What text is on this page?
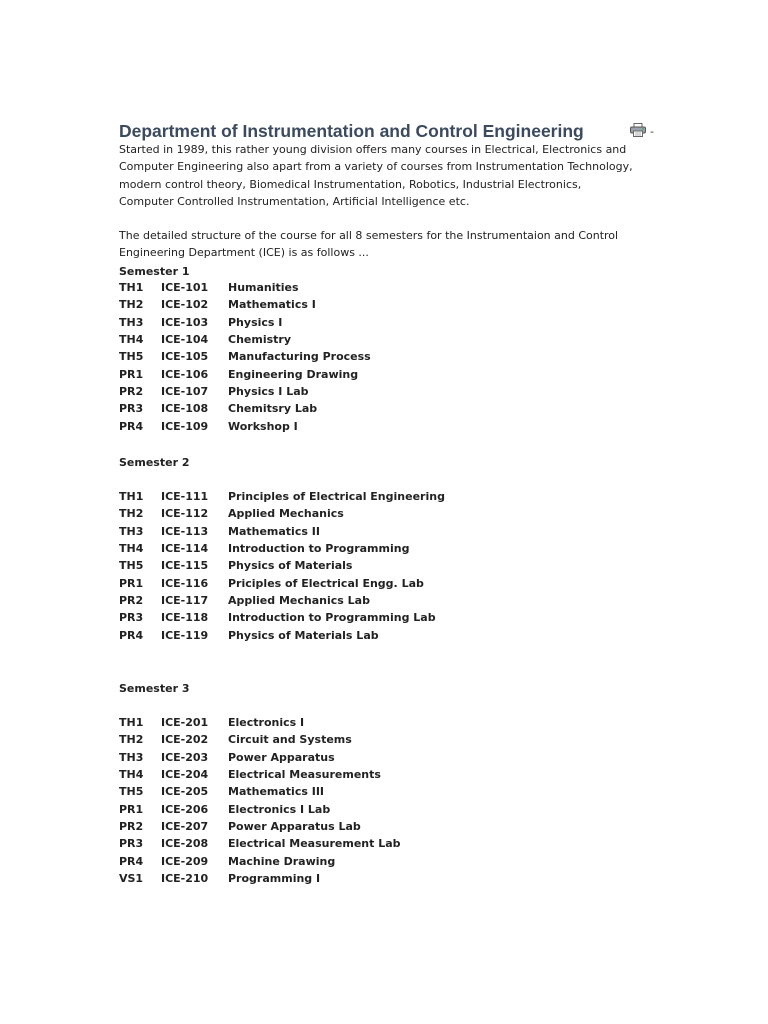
Department of Instrumentation and Control Engineering	-

Started in 1989, this rather young division offers many courses in Electrical, Electronics and Computer Engineering also apart from a variety of courses from Instrumentation Technology, modern control theory, Biomedical Instrumentation, Robotics, Industrial Electronics, Computer Controlled Instrumentation, Artificial Intelligence etc.

The detailed structure of the course for all 8 semesters for the Instrumentaion and Control Engineering Department (ICE) is as follows ...

Semester 1
TH1	ICE-101	Humanities
TH2	ICE-102	Mathematics I
TH3	ICE-103	Physics I
TH4	ICE-104	Chemistry
TH5	ICE-105	Manufacturing Process
PR1	ICE-106	Engineering Drawing
PR2	ICE-107	Physics I Lab
PR3	ICE-108	Chemitsry Lab
PR4	ICE-109	Workshop I
Semester 2
TH1	ICE-111	Principles of Electrical Engineering
TH2	ICE-112	Applied Mechanics
TH3	ICE-113	Mathematics II
TH4	ICE-114	Introduction to Programming
TH5	ICE-115	Physics of Materials
PR1	ICE-116	Priciples of Electrical Engg. Lab
PR2	ICE-117	Applied Mechanics Lab
PR3	ICE-118	Introduction to Programming Lab
PR4	ICE-119	Physics of Materials Lab
Semester 3
TH1	ICE-201	Electronics I
TH2	ICE-202	Circuit and Systems
TH3	ICE-203	Power Apparatus
TH4	ICE-204	Electrical Measurements
TH5	ICE-205	Mathematics III
PR1	ICE-206	Electronics I Lab
PR2	ICE-207	Power Apparatus Lab
PR3	ICE-208	Electrical Measurement Lab
PR4	ICE-209	Machine Drawing
VS1	ICE-210	Programming I
